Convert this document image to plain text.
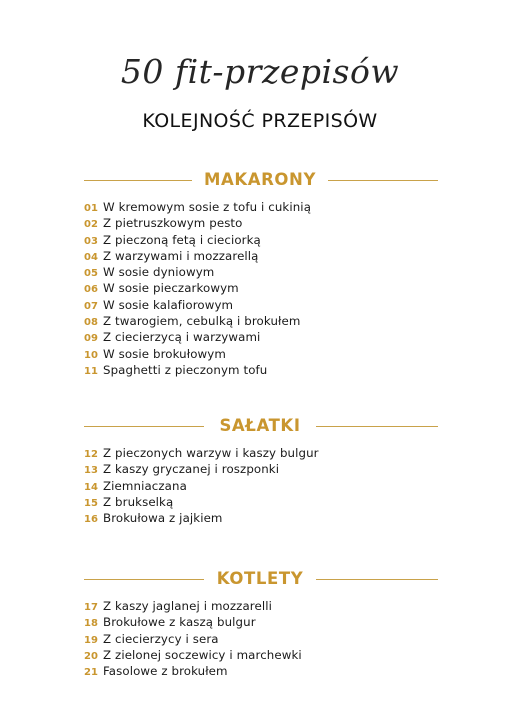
50 fit-przepisów
KOLEJNOŚĆ PRZEPISÓW
MAKARONY
01 W kremowym sosie z tofu i cukinią
02 Z pietruszkowym pesto
03 Z pieczoną fetą i cieciorką
04 Z warzywami i mozzarellą
05 W sosie dyniowym
06 W sosie pieczarkowym
07 W sosie kalafiorowym
08 Z twarogiem, cebulką i brokułem
09 Z ciecierzycą i warzywami
10 W sosie brokułowym
11 Spaghetti z pieczonym tofu
SAŁATKI
12 Z pieczonych warzyw i kaszy bulgur
13 Z kaszy gryczanej i roszponki
14 Ziemniaczana
15 Z brukselką
16 Brokułowa z jajkiem
KOTLETY
17 Z kaszy jaglanej i mozzarelli
18 Brokułowe z kaszą bulgur
19 Z ciecierzycy i sera
20 Z zielonej soczewicy i marchewki
21 Fasolowe z brokułem
